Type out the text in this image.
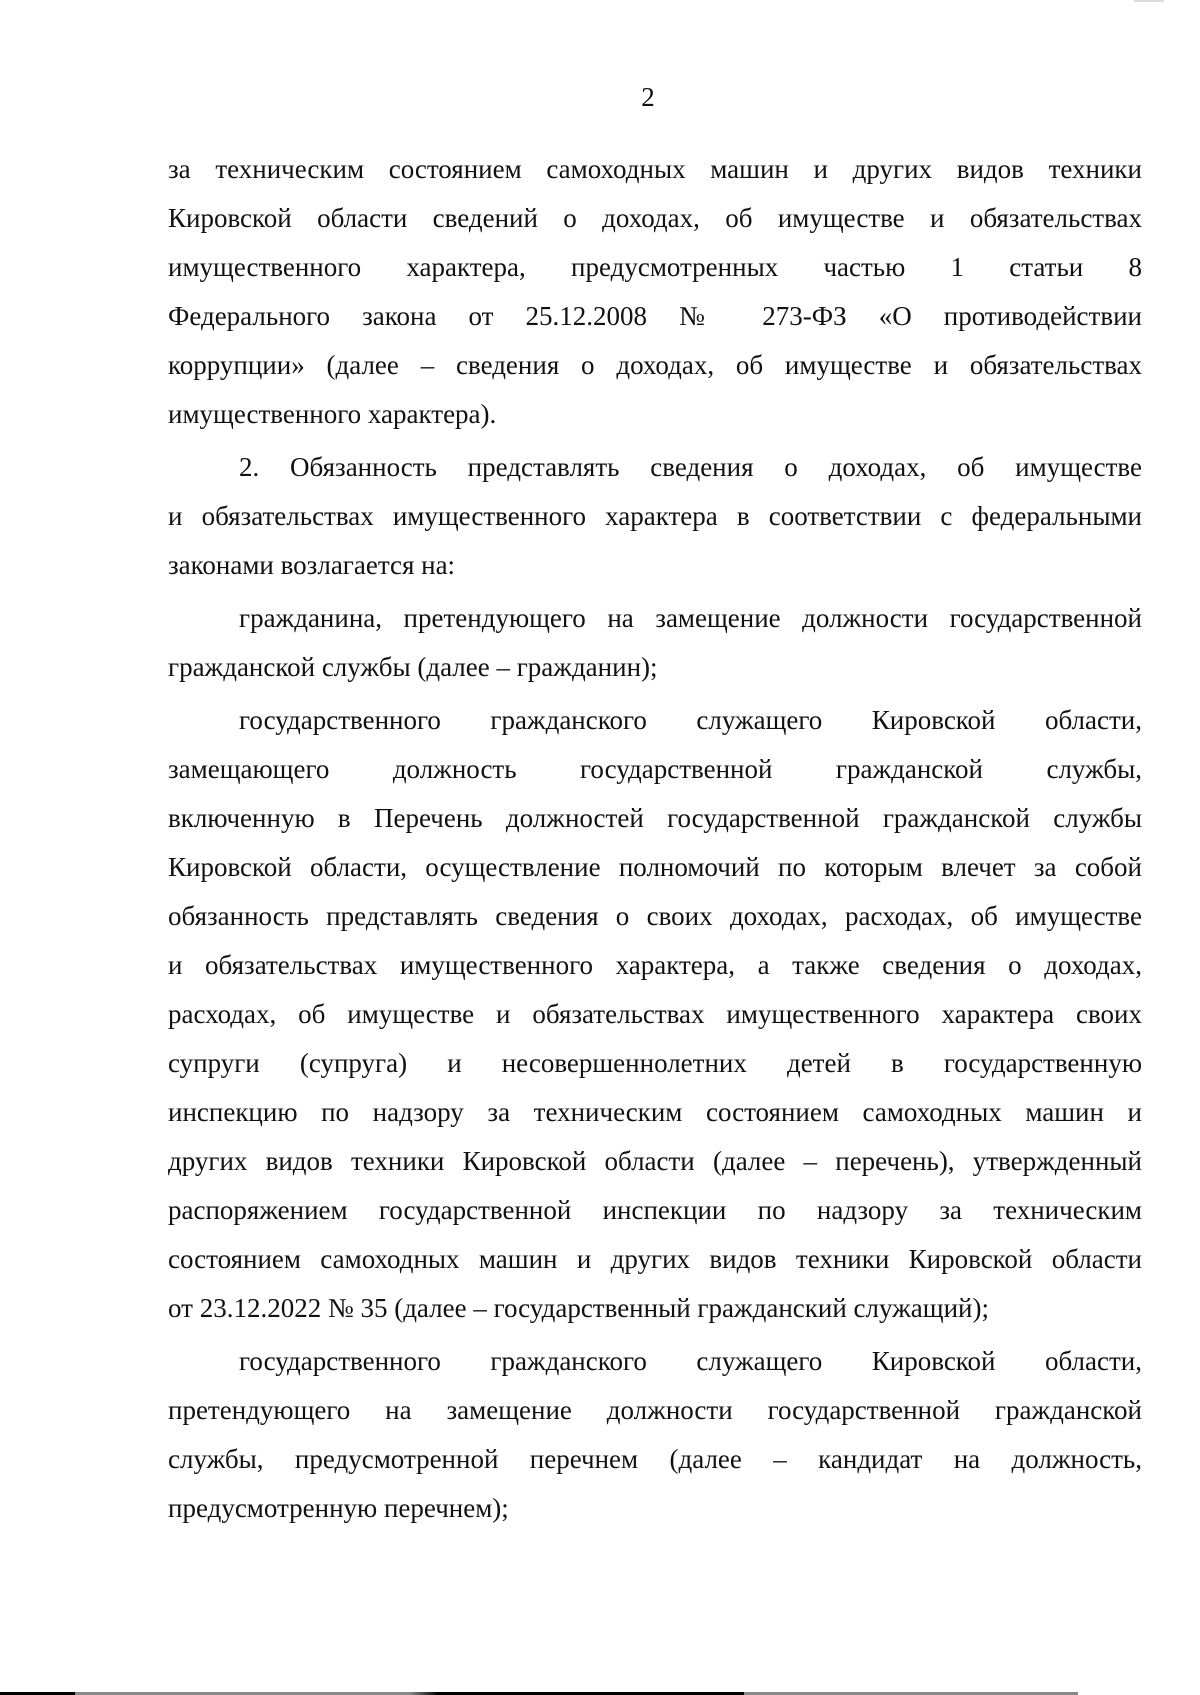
2
за техническим состоянием самоходных машин и других видов техники
Кировской области сведений о доходах, об имуществе и обязательствах
имущественного характера, предусмотренных частью 1 статьи 8
Федерального закона от 25.12.2008 № 273-ФЗ «О противодействии
коррупции» (далее – сведения о доходах, об имуществе и обязательствах
имущественного характера).
2. Обязанность представлять сведения о доходах, об имуществе
и обязательствах имущественного характера в соответствии с федеральными
законами возлагается на:
гражданина, претендующего на замещение должности государственной
гражданской службы (далее – гражданин);
государственного гражданского служащего Кировской области,
замещающего должность государственной гражданской службы,
включенную в Перечень должностей государственной гражданской службы
Кировской области, осуществление полномочий по которым влечет за собой
обязанность представлять сведения о своих доходах, расходах, об имуществе
и обязательствах имущественного характера, а также сведения о доходах,
расходах, об имуществе и обязательствах имущественного характера своих
супруги (супруга) и несовершеннолетних детей в государственную
инспекцию по надзору за техническим состоянием самоходных машин и
других видов техники Кировской области (далее – перечень), утвержденный
распоряжением государственной инспекции по надзору за техническим
состоянием самоходных машин и других видов техники Кировской области
от 23.12.2022 № 35 (далее – государственный гражданский служащий);
государственного гражданского служащего Кировской области,
претендующего на замещение должности государственной гражданской
службы, предусмотренной перечнем (далее – кандидат на должность,
предусмотренную перечнем);
